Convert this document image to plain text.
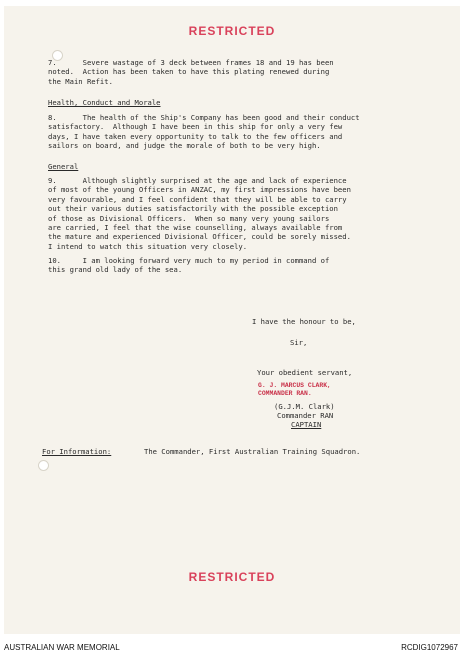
RESTRICTED
7.      Severe wastage of 3 deck between frames 18 and 19 has been
noted.  Action has been taken to have this plating renewed during
the Main Refit.
Health, Conduct and Morale
8.      The health of the Ship's Company has been good and their conduct
satisfactory.  Although I have been in this ship for only a very few
days, I have taken every opportunity to talk to the few officers and
sailors on board, and judge the morale of both to be very high.
General
9.      Although slightly surprised at the age and lack of experience
of most of the young Officers in ANZAC, my first impressions have been
very favourable, and I feel confident that they will be able to carry
out their various duties satisfactorily with the possible exception
of those as Divisional Officers.  When so many very young sailors
are carried, I feel that the wise counselling, always available from
the mature and experienced Divisional Officer, could be sorely missed.
I intend to watch this situation very closely.
10.     I am looking forward very much to my period in command of
this grand old lady of the sea.
I have the honour to be,
Sir,
Your obedient servant,
G. J. MARCUS CLARK,
COMMANDER RAN.
(G.J.M. Clark)
Commander RAN
CAPTAIN
For Information:	The Commander, First Australian Training Squadron.
RESTRICTED
AUSTRALIAN WAR MEMORIAL	RCDIG1072967
